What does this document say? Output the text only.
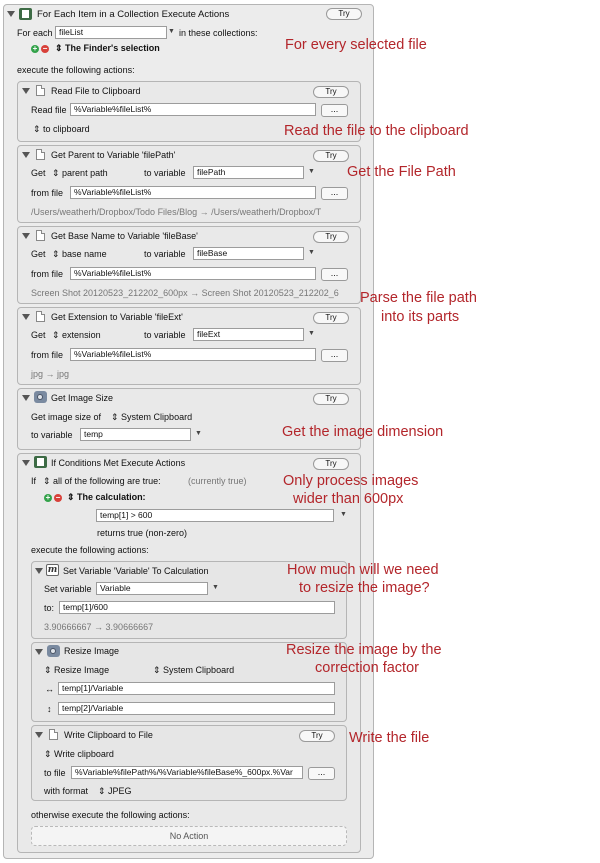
For Each Item in a Collection Execute Actions	Try
For each fileList	▼ in these collections:
+ − ⇕ The Finder's selection
execute the following actions:
Read File to Clipboard	Try
Read file %Variable%fileList%	...
⇕ to clipboard
Get Parent to Variable 'filePath'	Try
Get ⇕ parent path	to variable	filePath	▼
from file	%Variable%fileList%	...
/Users/weatherh/Dropbox/Todo Files/Blog → /Users/weatherh/Dropbox/T
Get Base Name to Variable 'fileBase'	Try
Get ⇕ base name	to variable	fileBase	▼
from file	%Variable%fileList%	...
Screen Shot 20120523_212202_600px → Screen Shot 20120523_212202_6
Get Extension to Variable 'fileExt'	Try
Get ⇕ extension	to variable	fileExt	▼
from file	%Variable%fileList%	...
jpg → jpg
Get Image Size	Try
Get image size of ⇕ System Clipboard
to variable	temp	▼
If Conditions Met Execute Actions	Try
If ⇕ all of the following are true:	(currently true)
+ − ⇕ The calculation:
temp[1] > 600	▼
returns true (non-zero)
execute the following actions:
m Set Variable 'Variable' To Calculation
Set variable Variable	▼
to:	temp[1]/600
3.90666667 → 3.90666667
Resize Image
⇕ Resize Image	⇕ System Clipboard
↔ temp[1]/Variable
↕	temp[2]/Variable
Write Clipboard to File	Try
⇕ Write clipboard
to file	%Variable%filePath%/%Variable%fileBase%_600px.%Var	...
with format ⇕ JPEG
otherwise execute the following actions:
No Action
For every selected file
Read the file to the clipboard
Get the File Path
Parse the file path
into its parts
Get the image dimension
Only process images
wider than 600px
How much will we need
to resize the image?
Resize the image by the
correction factor
Write the file
